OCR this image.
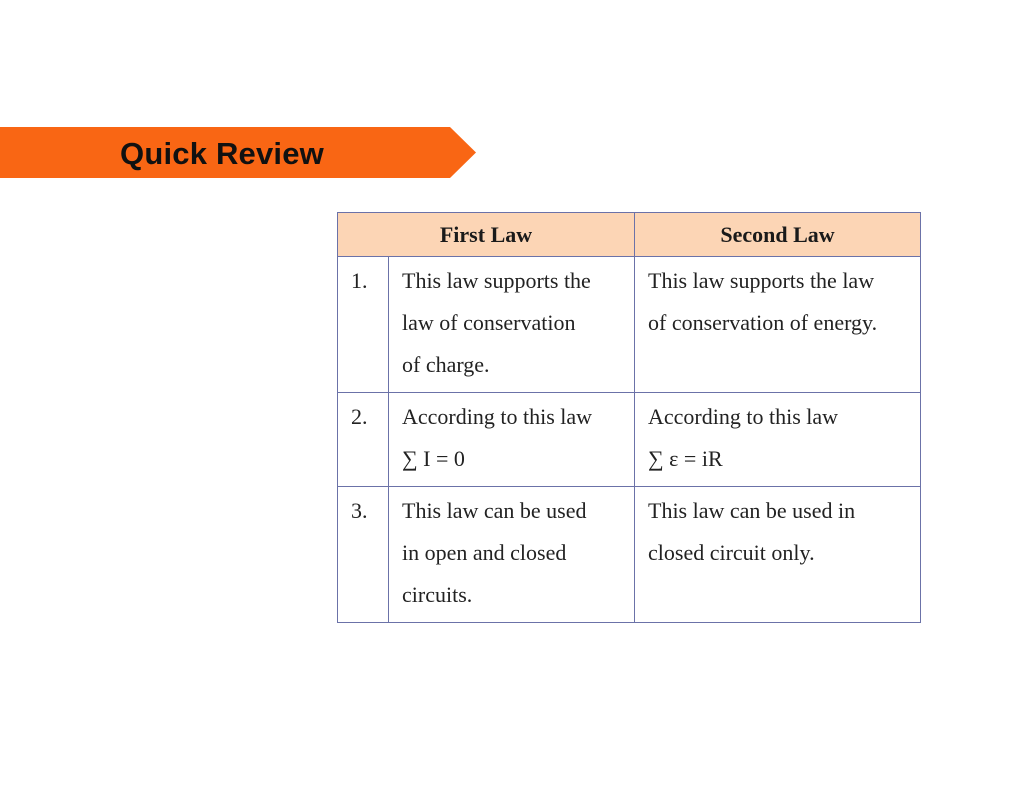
Quick Review
First Law		Second Law
1.	This law supports the
law of conservation
of charge.	This law supports the law
of conservation of energy.

2.	According to this law
∑ I = 0	According to this law
∑ ε = iR

3.	This law can be used
in open and closed
circuits.	This law can be used in
closed circuit only.
